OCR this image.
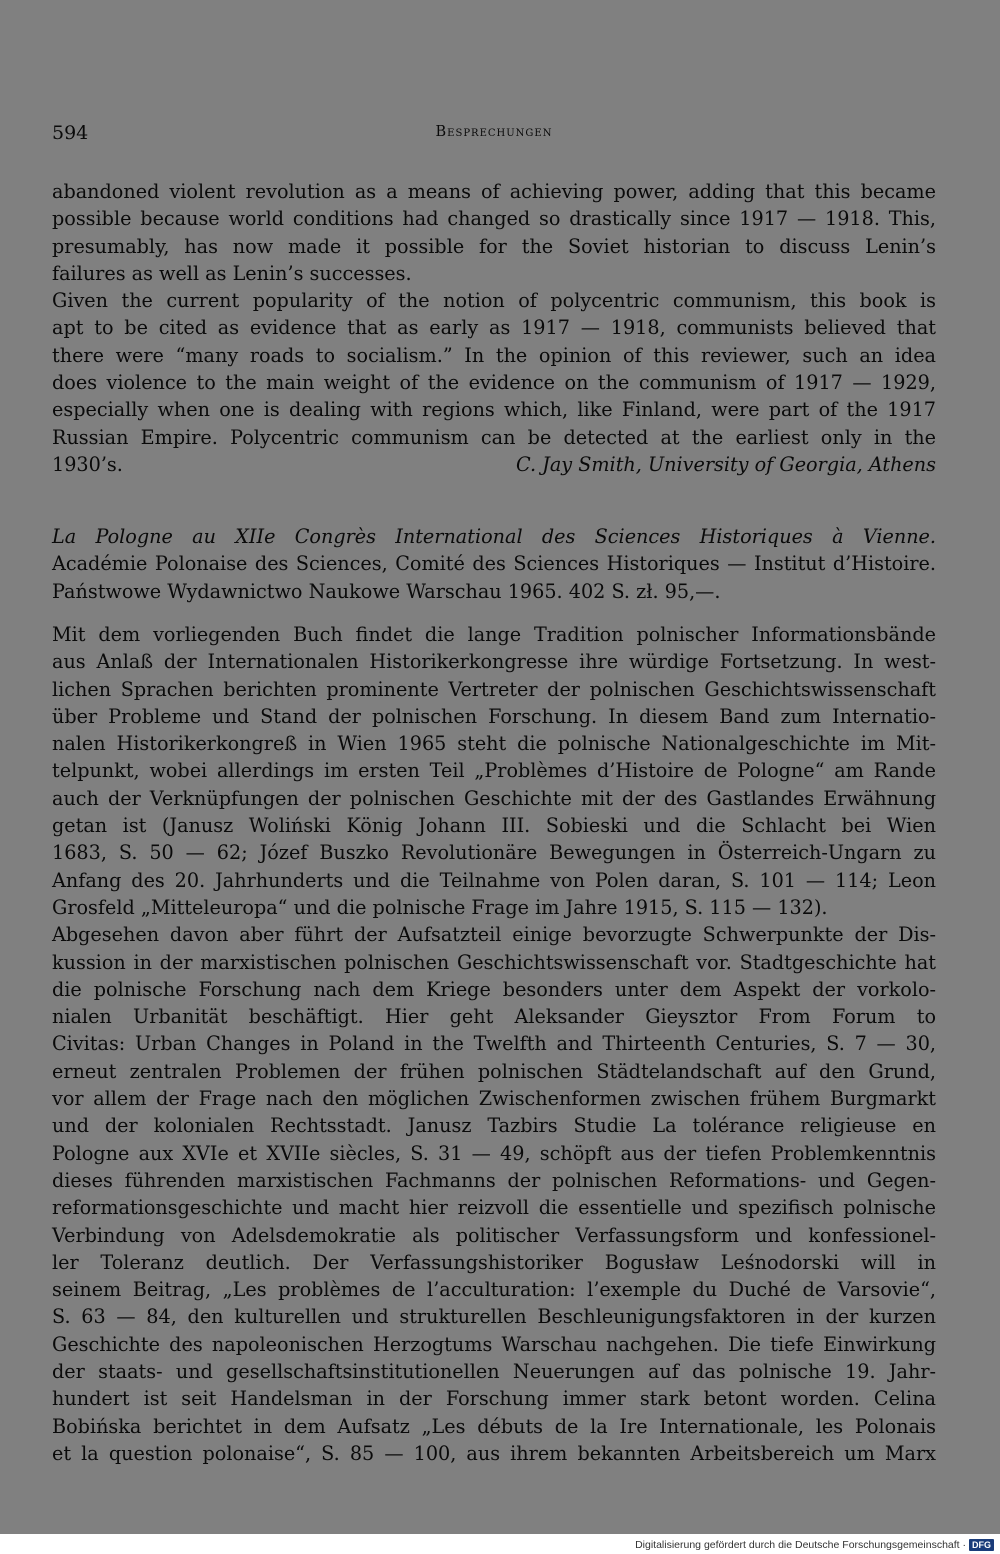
594	Besprechungen
abandoned violent revolution as a means of achieving power, adding that this became
possible because world conditions had changed so drastically since 1917 — 1918. This,
presumably, has now made it possible for the Soviet historian to discuss Lenin’s
failures as well as Lenin’s successes.
Given the current popularity of the notion of polycentric communism, this book is
apt to be cited as evidence that as early as 1917 — 1918, communists believed that
there were “many roads to socialism.” In the opinion of this reviewer, such an idea
does violence to the main weight of the evidence on the communism of 1917 — 1929,
especially when one is dealing with regions which, like Finland, were part of the 1917
Russian Empire. Polycentric communism can be detected at the earliest only in the
1930’s.	C. Jay Smith, University of Georgia, Athens
La Pologne au XIIe Congrès International des Sciences Historiques à Vienne.
Académie Polonaise des Sciences, Comité des Sciences Historiques — Institut d’Histoire.
Państwowe Wydawnictwo Naukowe Warschau 1965. 402 S. zł. 95,—.
Mit dem vorliegenden Buch findet die lange Tradition polnischer Informationsbände
aus Anlaß der Internationalen Historikerkongresse ihre würdige Fortsetzung. In west-
lichen Sprachen berichten prominente Vertreter der polnischen Geschichtswissenschaft
über Probleme und Stand der polnischen Forschung. In diesem Band zum Internatio-
nalen Historikerkongreß in Wien 1965 steht die polnische Nationalgeschichte im Mit-
telpunkt, wobei allerdings im ersten Teil „Problèmes d’Histoire de Pologne“ am Rande
auch der Verknüpfungen der polnischen Geschichte mit der des Gastlandes Erwähnung
getan ist (Janusz Woliński König Johann III. Sobieski und die Schlacht bei Wien
1683, S. 50 — 62; Józef Buszko Revolutionäre Bewegungen in Österreich-Ungarn zu
Anfang des 20. Jahrhunderts und die Teilnahme von Polen daran, S. 101 — 114; Leon
Grosfeld „Mitteleuropa“ und die polnische Frage im Jahre 1915, S. 115 — 132).
Abgesehen davon aber führt der Aufsatzteil einige bevorzugte Schwerpunkte der Dis-
kussion in der marxistischen polnischen Geschichtswissenschaft vor. Stadtgeschichte hat
die polnische Forschung nach dem Kriege besonders unter dem Aspekt der vorkolo-
nialen Urbanität beschäftigt. Hier geht Aleksander Gieysztor From Forum to
Civitas: Urban Changes in Poland in the Twelfth and Thirteenth Centuries, S. 7 — 30,
erneut zentralen Problemen der frühen polnischen Städtelandschaft auf den Grund,
vor allem der Frage nach den möglichen Zwischenformen zwischen frühem Burgmarkt
und der kolonialen Rechtsstadt. Janusz Tazbirs Studie La tolérance religieuse en
Pologne aux XVIe et XVIIe siècles, S. 31 — 49, schöpft aus der tiefen Problemkenntnis
dieses führenden marxistischen Fachmanns der polnischen Reformations- und Gegen-
reformationsgeschichte und macht hier reizvoll die essentielle und spezifisch polnische
Verbindung von Adelsdemokratie als politischer Verfassungsform und konfessionel-
ler Toleranz deutlich. Der Verfassungshistoriker Bogusław Leśnodorski will in
seinem Beitrag, „Les problèmes de l’acculturation: l’exemple du Duché de Varsovie“,
S. 63 — 84, den kulturellen und strukturellen Beschleunigungsfaktoren in der kurzen
Geschichte des napoleonischen Herzogtums Warschau nachgehen. Die tiefe Einwirkung
der staats- und gesellschaftsinstitutionellen Neuerungen auf das polnische 19. Jahr-
hundert ist seit Handelsman in der Forschung immer stark betont worden. Celina
Bobińska berichtet in dem Aufsatz „Les débuts de la Ire Internationale, les Polonais
et la question polonaise“, S. 85 — 100, aus ihrem bekannten Arbeitsbereich um Marx
Digitalisierung gefördert durch die Deutsche Forschungsgemeinschaft · DFG
